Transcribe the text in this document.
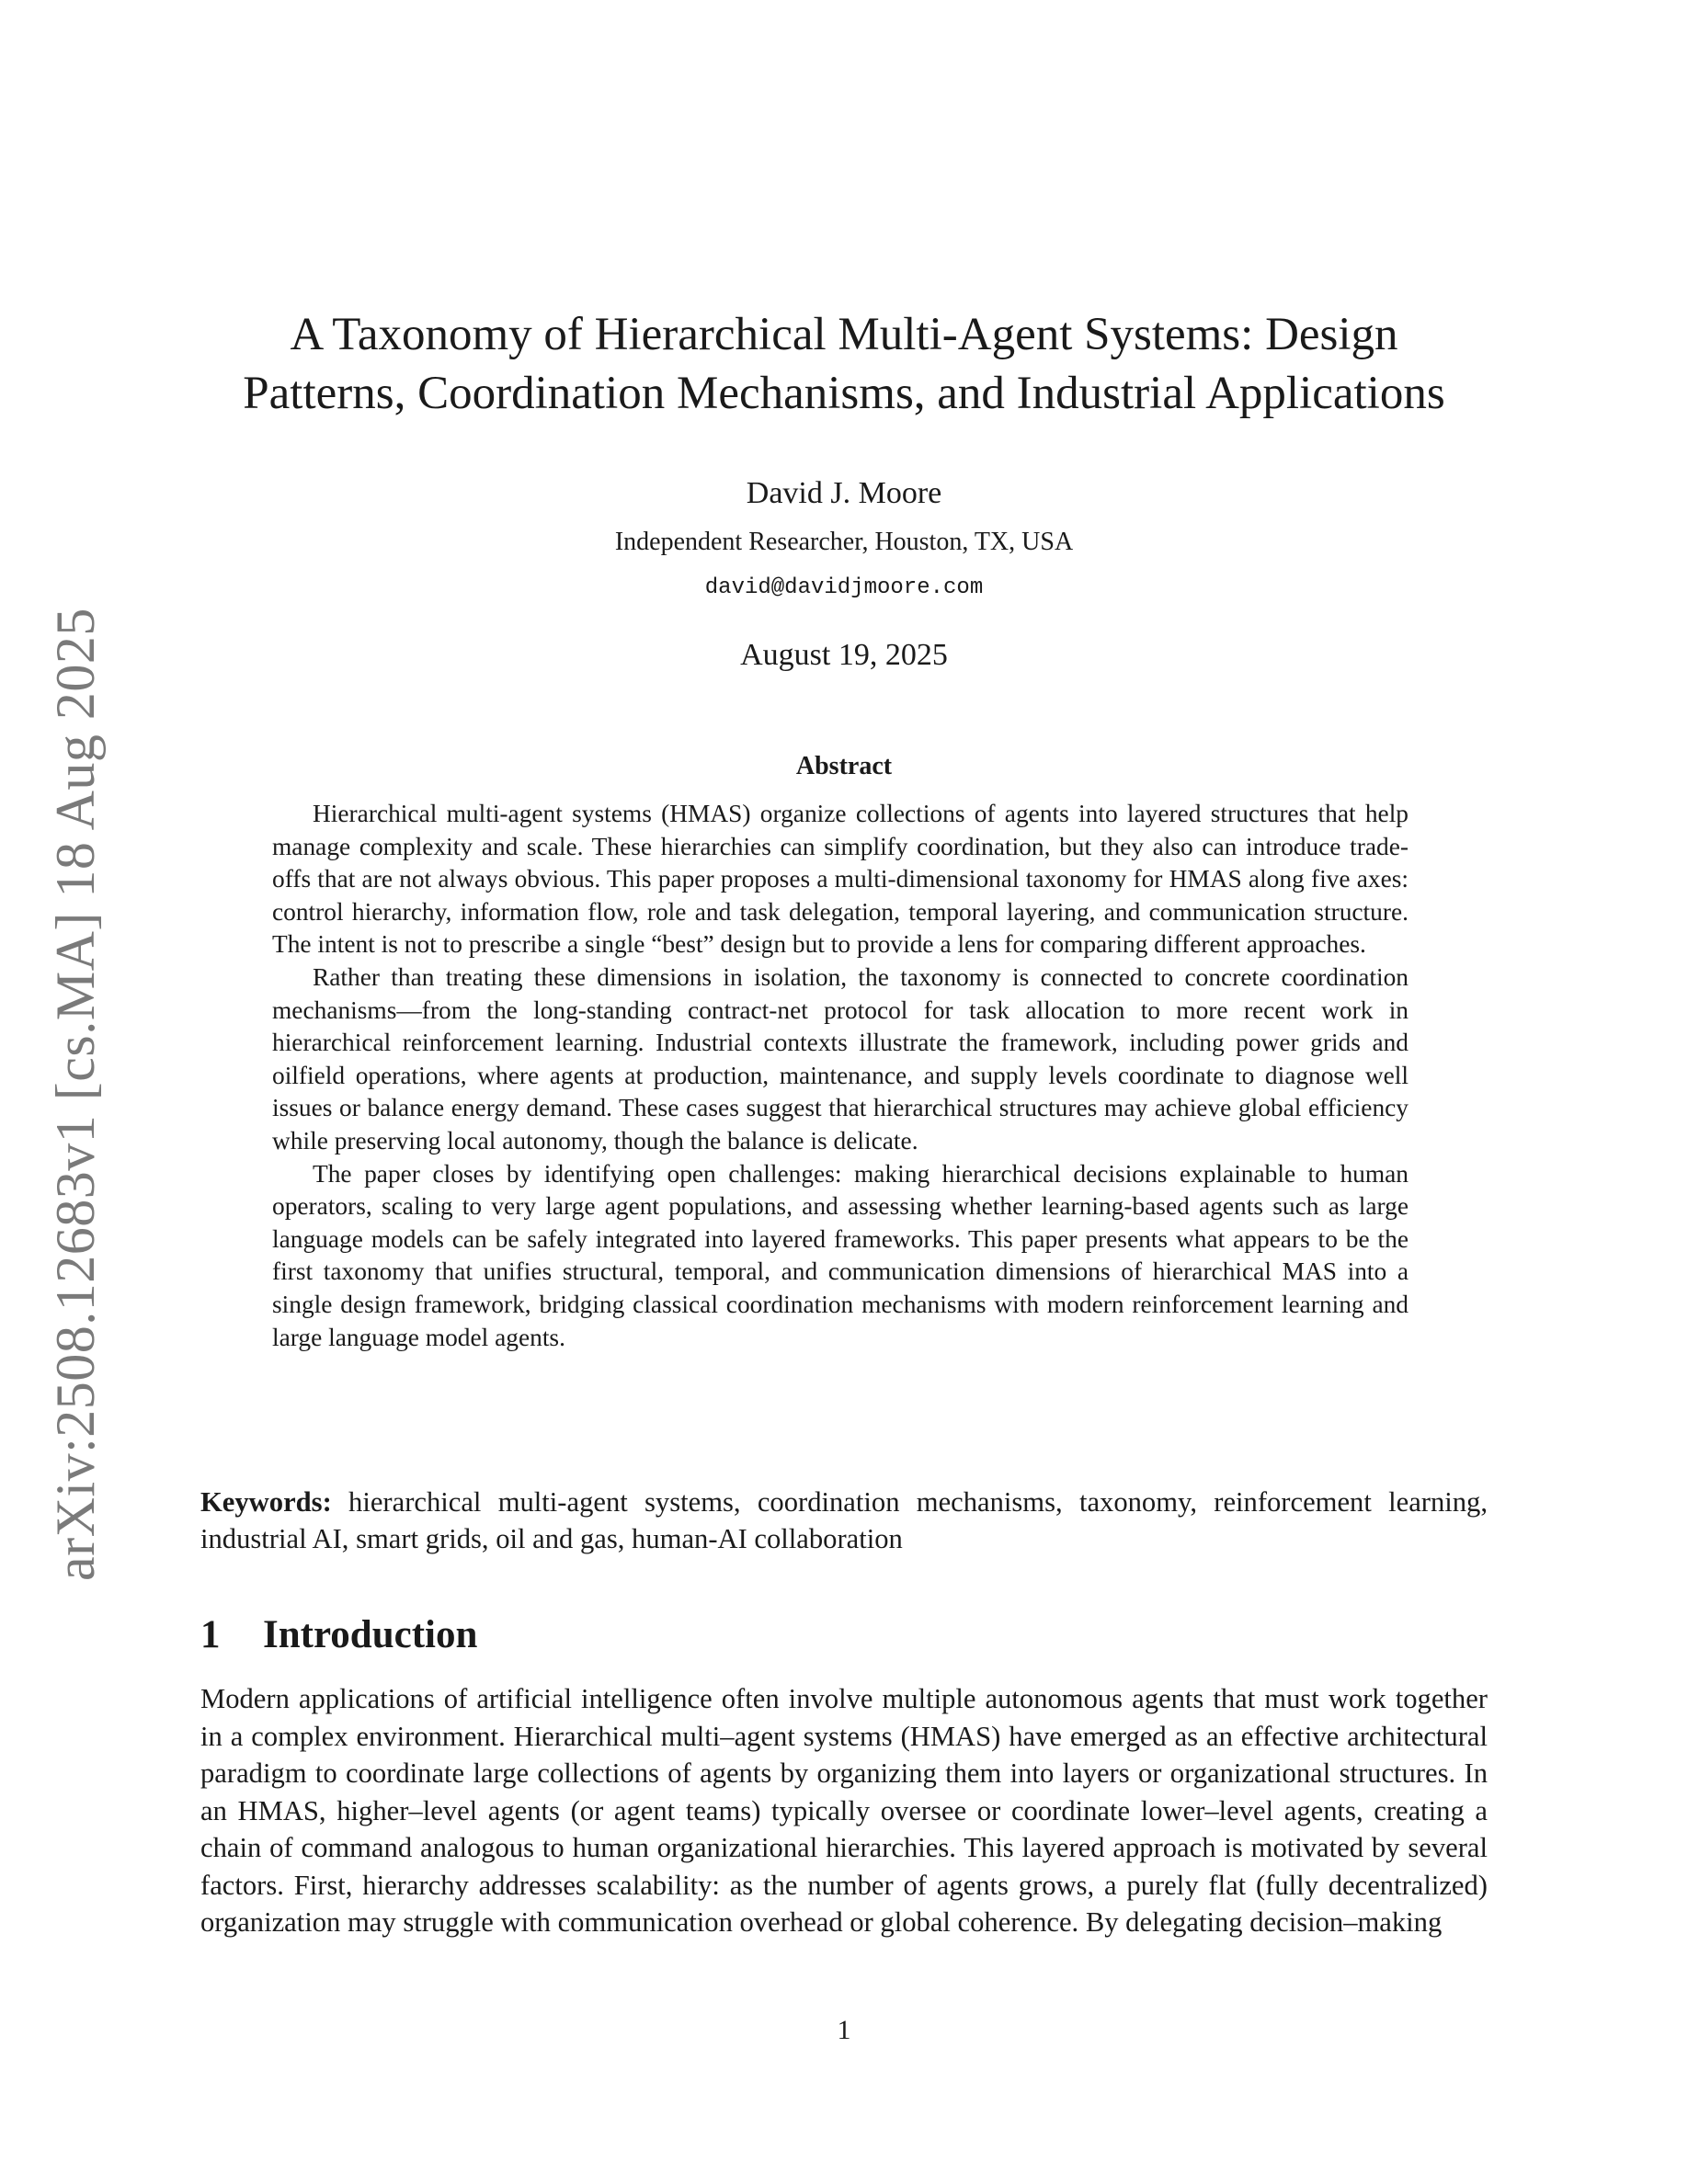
arXiv:2508.12683v1 [cs.MA] 18 Aug 2025
A Taxonomy of Hierarchical Multi-Agent Systems: Design
Patterns, Coordination Mechanisms, and Industrial Applications
David J. Moore
Independent Researcher, Houston, TX, USA
david@davidjmoore.com
August 19, 2025
Abstract

Hierarchical multi-agent systems (HMAS) organize collections of agents into layered structures that help manage complexity and scale. These hierarchies can simplify coordination, but they also can introduce trade-offs that are not always obvious. This paper proposes a multi-dimensional taxonomy for HMAS along five axes: control hierarchy, information flow, role and task delegation, temporal layering, and communication structure. The intent is not to prescribe a single “best” design but to provide a lens for comparing different approaches.

Rather than treating these dimensions in isolation, the taxonomy is connected to concrete coordination mechanisms—from the long-standing contract-net protocol for task allocation to more recent work in hierarchical reinforcement learning. Industrial contexts illustrate the framework, including power grids and oilfield operations, where agents at production, maintenance, and supply levels coordinate to diagnose well issues or balance energy demand. These cases suggest that hierarchical structures may achieve global efficiency while preserving local autonomy, though the balance is delicate.

The paper closes by identifying open challenges: making hierarchical decisions explainable to human operators, scaling to very large agent populations, and assessing whether learning-based agents such as large language models can be safely integrated into layered frameworks. This paper presents what appears to be the first taxonomy that unifies structural, temporal, and communication dimensions of hierarchical MAS into a single design framework, bridging classical coordination mechanisms with modern reinforcement learning and large language model agents.

Keywords: hierarchical multi-agent systems, coordination mechanisms, taxonomy, reinforcement learning, industrial AI, smart grids, oil and gas, human-AI collaboration
1 Introduction

Modern applications of artificial intelligence often involve multiple autonomous agents that must work together in a complex environment. Hierarchical multi–agent systems (HMAS) have emerged as an effective architectural paradigm to coordinate large collections of agents by organizing them into layers or organizational structures. In an HMAS, higher–level agents (or agent teams) typically oversee or coordinate lower–level agents, creating a chain of command analogous to human organizational hierarchies. This layered approach is motivated by several factors. First, hierarchy addresses scalability: as the number of agents grows, a purely flat (fully decentralized) organization may struggle with communication overhead or global coherence. By delegating decision–making

1
